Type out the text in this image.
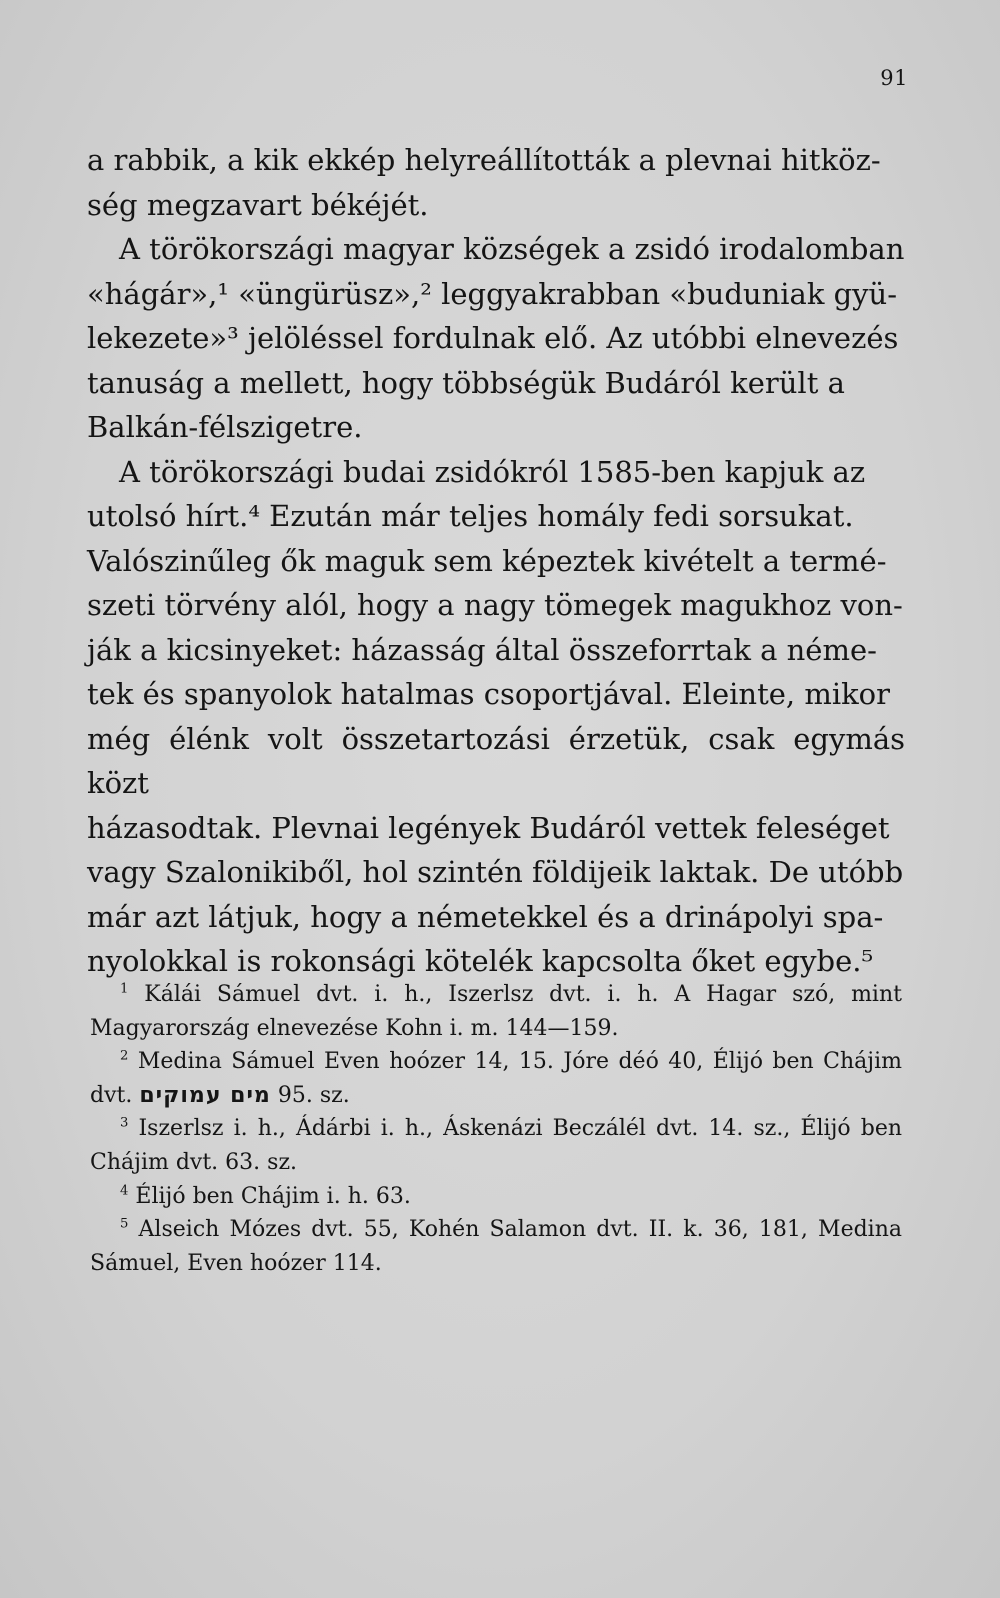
91

a rabbik, a kik ekkép helyreállították a plevnai hitköz-
ség megzavart békéjét.

A törökországi magyar községek a zsidó irodalomban
«hágár»,¹ «üngürüsz»,² leggyakrabban «buduniak gyü-
lekezete»³ jelöléssel fordulnak elő. Az utóbbi elnevezés
tanuság a mellett, hogy többségük Budáról került a
Balkán-félszigetre.

A törökországi budai zsidókról 1585-ben kapjuk az
utolsó hírt.⁴ Ezután már teljes homály fedi sorsukat.
Valószinűleg ők maguk sem képeztek kivételt a termé-
szeti törvény alól, hogy a nagy tömegek magukhoz von-
ják a kicsinyeket: házasság által összeforrtak a néme-
tek és spanyolok hatalmas csoportjával. Eleinte, mikor
még élénk volt összetartozási érzetük, csak egymás közt
házasodtak. Plevnai legények Budáról vettek feleséget
vagy Szalonikiből, hol szintén földijeik laktak. De utóbb
már azt látjuk, hogy a németekkel és a drinápolyi spa-
nyolokkal is rokonsági kötelék kapcsolta őket egybe.⁵

$^1$ Kálái Sámuel dvt. i. h., Iszerlsz dvt. i. h. A Hagar szó, mint Magyarország elnevezése Kohn i. m. 144—159.

$^2$ Medina Sámuel Even hoózer 14, 15. Jóre déó 40, Élijó ben Chájim dvt. מים עמוקים 95. sz.

$^3$ Iszerlsz i. h., Ádárbi i. h., Áskenázi Beczálél dvt. 14. sz., Élijó ben Chájim dvt. 63. sz.

$^4$ Élijó ben Chájim i. h. 63.

$^5$ Alseich Mózes dvt. 55, Kohén Salamon dvt. II. k. 36, 181, Medina Sámuel, Even hoózer 114.
